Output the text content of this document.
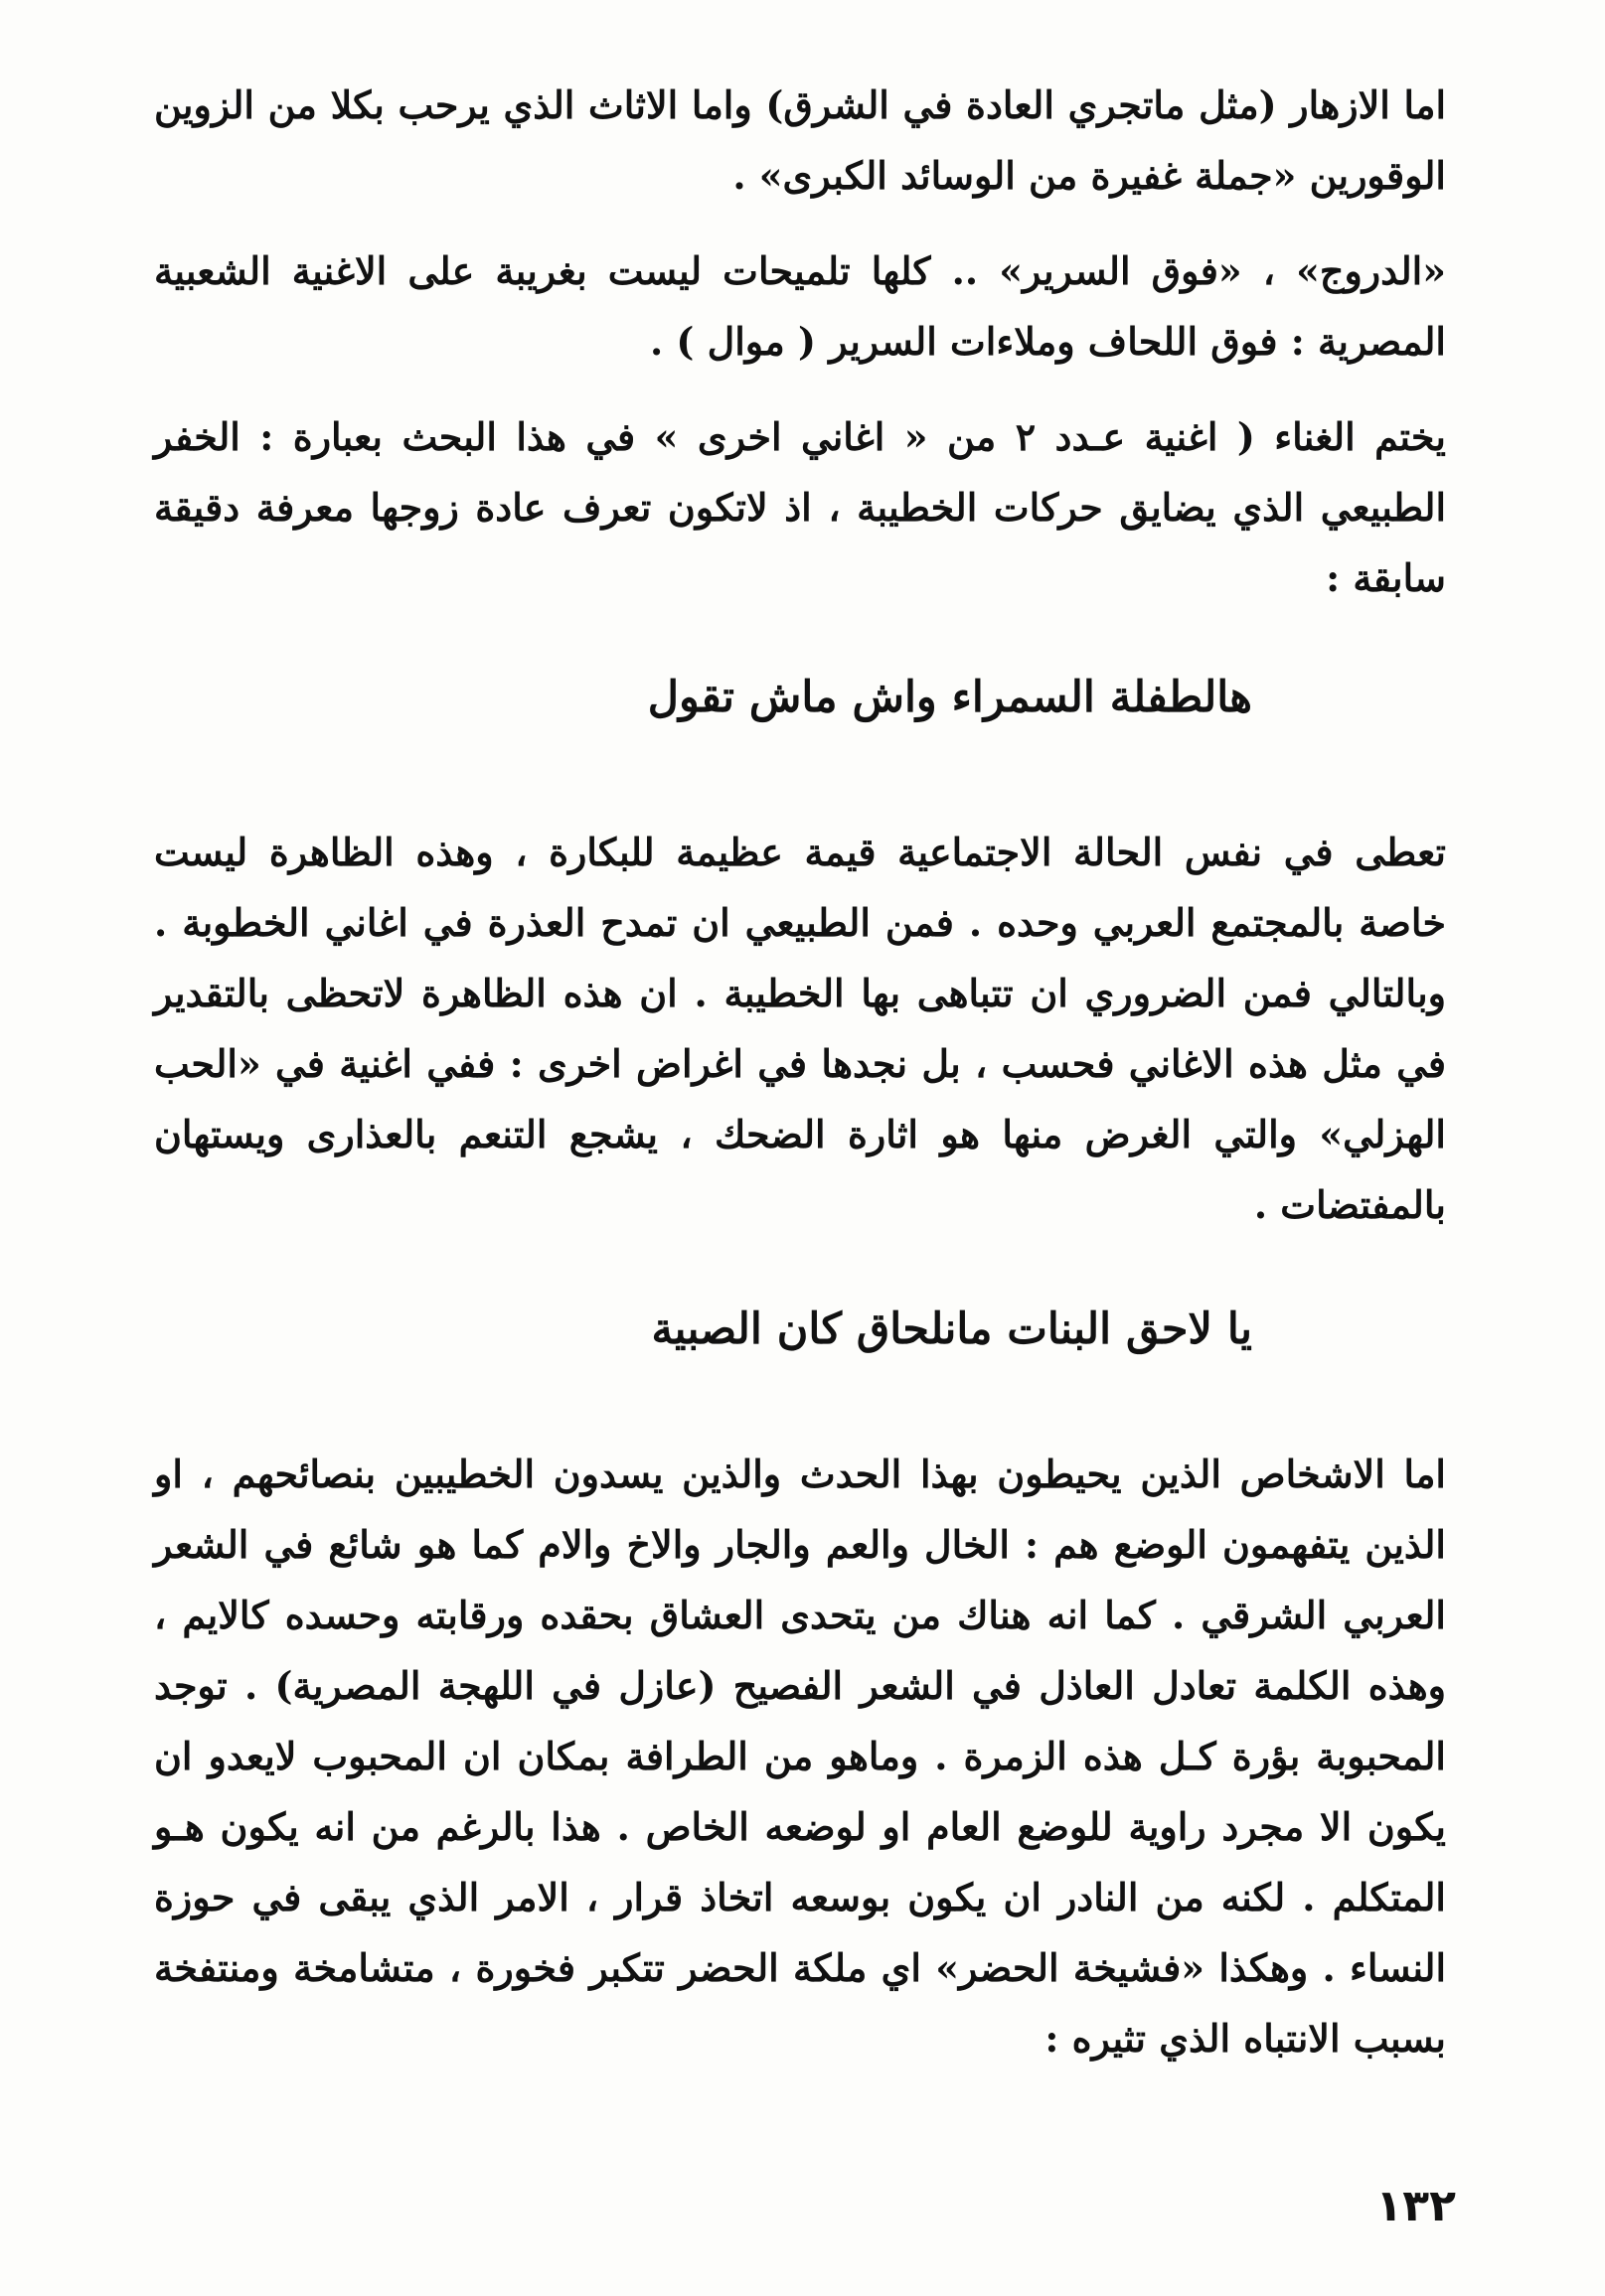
اما الازهار (مثل ماتجري العادة في الشرق) واما الاثاث الذي يرحب بكلا من الزوين الوقورين «جملة غفيرة من الوسائد الكبرى» .

«الدروج» ، «فوق السرير» .. كلها تلميحات ليست بغريبة على الاغنية الشعبية المصرية : فوق اللحاف وملاءات السرير ( موال ) .

يختم الغناء ( اغنية عـدد ٢ من « اغاني اخرى » في هذا البحث بعبارة : الخفر الطبيعي الذي يضايق حركات الخطيبة ، اذ لاتكون تعرف عادة زوجها معرفة دقيقة سابقة :

هالطفلة السمراء واش ماش تقول

تعطى في نفس الحالة الاجتماعية قيمة عظيمة للبكارة ، وهذه الظاهرة ليست خاصة بالمجتمع العربي وحده . فمن الطبيعي ان تمدح العذرة في اغاني الخطوبة . وبالتالي فمن الضروري ان تتباهى بها الخطيبة . ان هذه الظاهرة لاتحظى بالتقدير في مثل هذه الاغاني فحسب ، بل نجدها في اغراض اخرى : ففي اغنية في «الحب الهزلي» والتي الغرض منها هو اثارة الضحك ، يشجع التنعم بالعذارى ويستهان بالمفتضات .

يا لاحق البنات مانلحاق كان الصبية

اما الاشخاص الذين يحيطون بهذا الحدث والذين يسدون الخطيبين بنصائحهم ، او الذين يتفهمون الوضع هم : الخال والعم والجار والاخ والام كما هو شائع في الشعر العربي الشرقي . كما انه هناك من يتحدى العشاق بحقده ورقابته وحسده كالايم ، وهذه الكلمة تعادل العاذل في الشعر الفصيح (عازل في اللهجة المصرية) . توجد المحبوبة بؤرة كـل هذه الزمرة . وماهو من الطرافة بمكان ان المحبوب لايعدو ان يكون الا مجرد راوية للوضع العام او لوضعه الخاص . هذا بالرغم من انه يكون هـو المتكلم . لكنه من النادر ان يكون بوسعه اتخاذ قرار ، الامر الذي يبقى في حوزة النساء . وهكذا «فشيخة الحضر» اي ملكة الحضر تتكبر فخورة ، متشامخة ومنتفخة بسبب الانتباه الذي تثيره :

١٣٢
